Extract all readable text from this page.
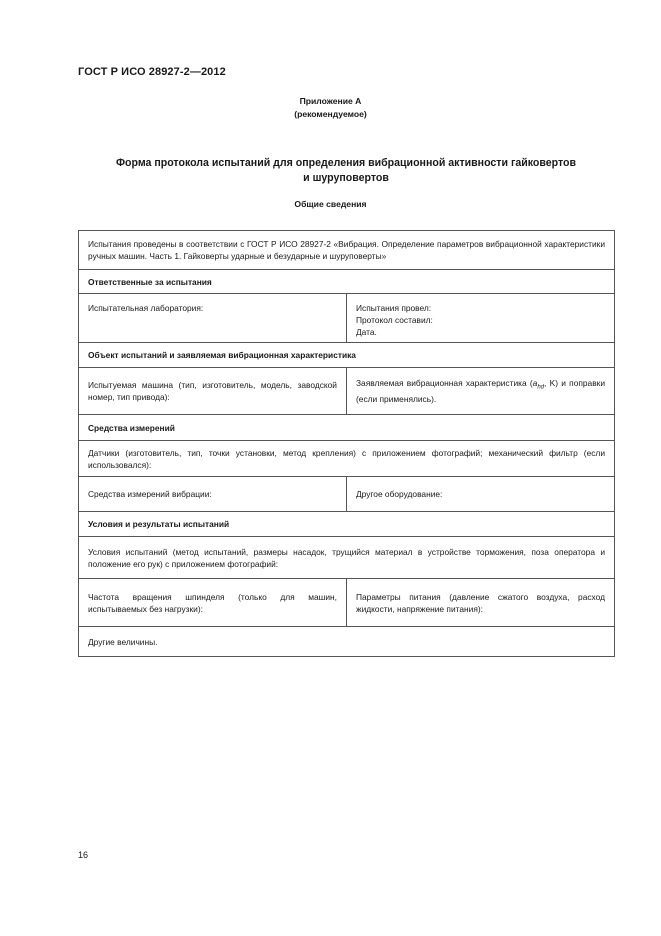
ГОСТ Р ИСО 28927-2—2012
Приложение А
(рекомендуемое)
Форма протокола испытаний для определения вибрационной активности гайковертов
и шуруповертов
Общие сведения
Испытания проведены в соответствии с ГОСТ Р ИСО 28927-2 «Вибрация. Определение параметров вибрационной характеристики ручных машин. Часть 1. Гайковерты ударные и безударные и шуруповерты»	
Ответственные за испытания	
Испытательная лаборатория:	Испытания провел:
Протокол составил:
Дата.

Объект испытаний и заявляемая вибрационная характеристика	
Испытуемая машина (тип, изготовитель, модель, заводской номер, тип привода):	Заявляемая вибрационная характеристика ($a_{hd}$, K) и поправки (если применялись).
Средства измерений	
Датчики (изготовитель, тип, точки установки, метод крепления) с приложением фотографий; механический фильтр (если использовался):	
Средства измерений вибрации:	Другое оборудование:
Условия и результаты испытаний	
Условия испытаний (метод испытаний, размеры насадок, трущийся материал в устройстве торможения, поза оператора и положение его рук) с приложением фотографий:	
Частота вращения шпинделя (только для машин, испытываемых без нагрузки):	Параметры питания (давление сжатого воздуха, расход жидкости, напряжение питания):
Другие величины.	
16
